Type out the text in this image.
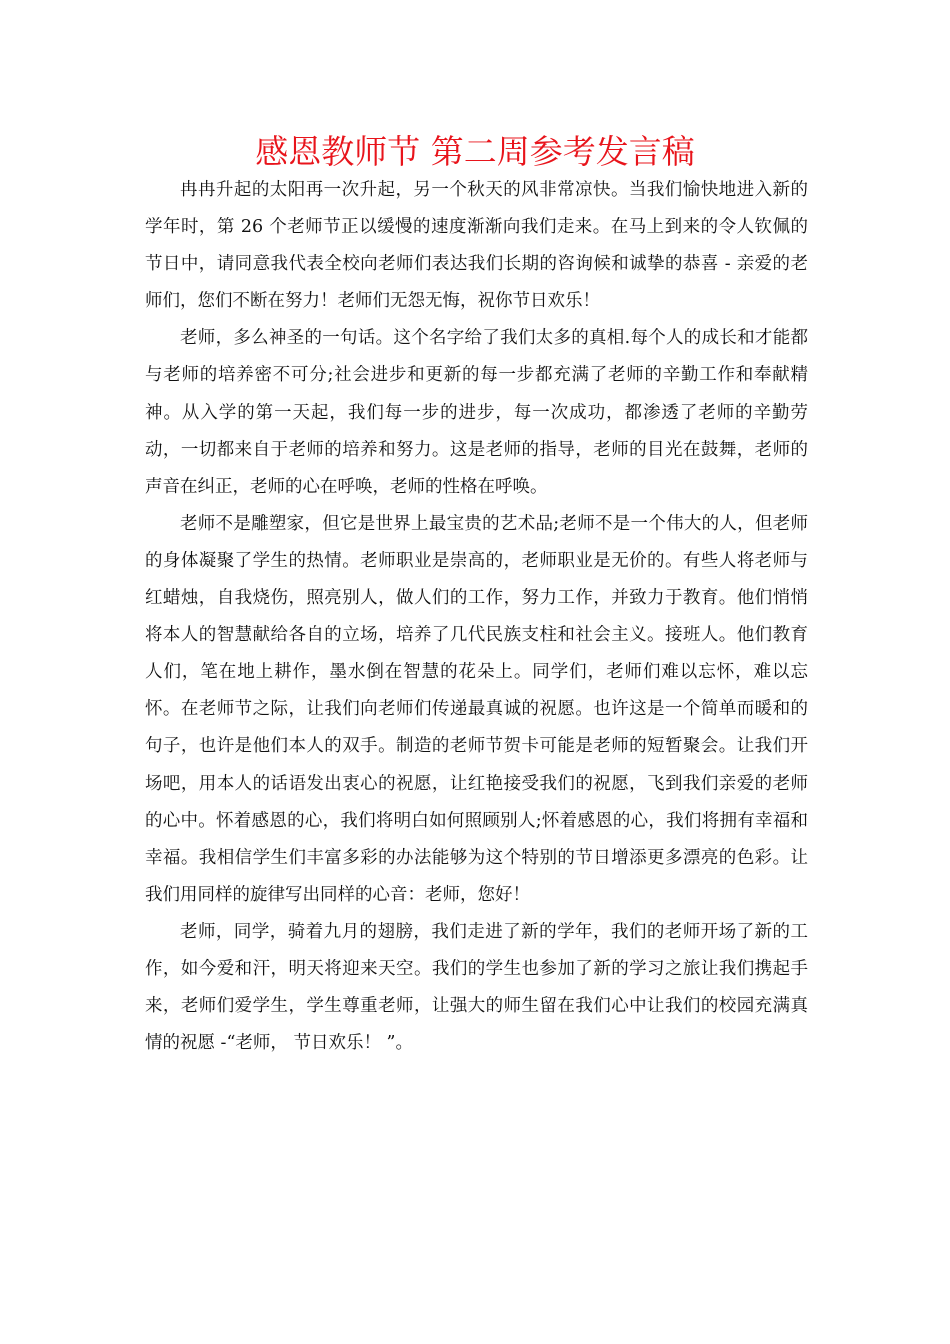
感恩教师节 第二周参考发言稿

冉冉升起的太阳再一次升起，另一个秋天的风非常凉快。当我们愉快地进入新的学年时，第 26 个老师节正以缓慢的速度渐渐向我们走来。在马上到来的令人钦佩的节日中，请同意我代表全校向老师们表达我们长期的咨询候和诚挚的恭喜 - 亲爱的老师们，您们不断在努力！老师们无怨无悔，祝你节日欢乐！

老师，多么神圣的一句话。这个名字给了我们太多的真相.每个人的成长和才能都与老师的培养密不可分;社会进步和更新的每一步都充满了老师的辛勤工作和奉献精神。从入学的第一天起，我们每一步的进步，每一次成功，都渗透了老师的辛勤劳动，一切都来自于老师的培养和努力。这是老师的指导，老师的目光在鼓舞，老师的声音在纠正，老师的心在呼唤，老师的性格在呼唤。

老师不是雕塑家，但它是世界上最宝贵的艺术品;老师不是一个伟大的人，但老师的身体凝聚了学生的热情。老师职业是崇高的，老师职业是无价的。有些人将老师与红蜡烛，自我烧伤，照亮别人，做人们的工作，努力工作，并致力于教育。他们悄悄将本人的智慧献给各自的立场，培养了几代民族支柱和社会主义。接班人。他们教育人们，笔在地上耕作，墨水倒在智慧的花朵上。同学们，老师们难以忘怀，难以忘怀。在老师节之际，让我们向老师们传递最真诚的祝愿。也许这是一个简单而暖和的句子，也许是他们本人的双手。制造的老师节贺卡可能是老师的短暂聚会。让我们开场吧，用本人的话语发出衷心的祝愿，让红艳接受我们的祝愿，飞到我们亲爱的老师的心中。怀着感恩的心，我们将明白如何照顾别人;怀着感恩的心，我们将拥有幸福和幸福。我相信学生们丰富多彩的办法能够为这个特别的节日增添更多漂亮的色彩。让我们用同样的旋律写出同样的心音：老师，您好！

老师，同学，骑着九月的翅膀，我们走进了新的学年，我们的老师开场了新的工作，如今爱和汗，明天将迎来天空。我们的学生也参加了新的学习之旅让我们携起手来，老师们爱学生，学生尊重老师，让强大的师生留在我们心中让我们的校园充满真情的祝愿 -“老师， 节日欢乐！ ”。
